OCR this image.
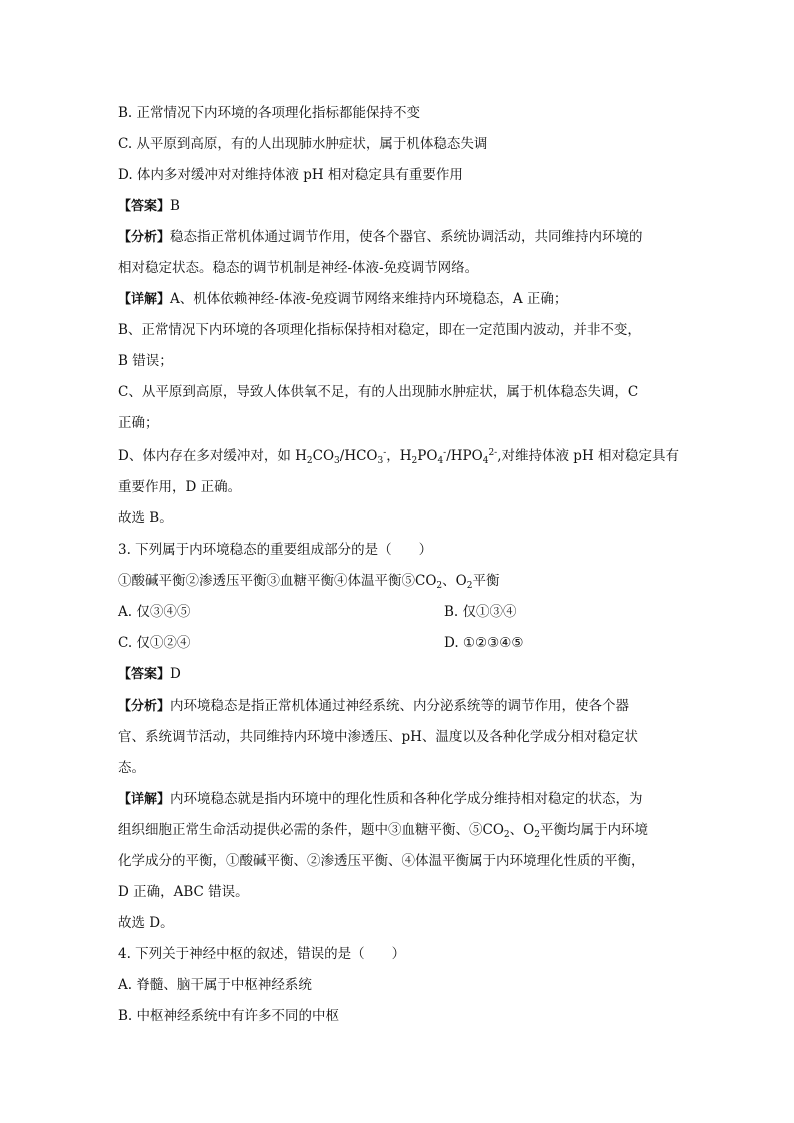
B. 正常情况下内环境的各项理化指标都能保持不变
C. 从平原到高原，有的人出现肺水肿症状，属于机体稳态失调
D. 体内多对缓冲对对维持体液 pH 相对稳定具有重要作用
【答案】B
【分析】稳态指正常机体通过调节作用，使各个器官、系统协调活动，共同维持内环境的
相对稳定状态。稳态的调节机制是神经-体液-免疫调节网络。
【详解】A、机体依赖神经-体液-免疫调节网络来维持内环境稳态，A 正确；
B、正常情况下内环境的各项理化指标保持相对稳定，即在一定范围内波动，并非不变，
B 错误；
C、从平原到高原，导致人体供氧不足，有的人出现肺水肿症状，属于机体稳态失调，C
正确；
D、体内存在多对缓冲对，如 $H_2CO_3/HCO_3^-$，$H_2PO_4^-/HPO_4^{2-}$,对维持体液 pH 相对稳定具有
重要作用，D 正确。
故选 B。
3. 下列属于内环境稳态的重要组成部分的是（　　）
①酸碱平衡②渗透压平衡③血糖平衡④体温平衡$⑤CO_2$、$O_2$平衡
A. 仅③④⑤	B. 仅①③④
C. 仅①②④	D. ①②③④⑤
【答案】D
【分析】内环境稳态是指正常机体通过神经系统、内分泌系统等的调节作用，使各个器
官、系统调节活动，共同维持内环境中渗透压、pH、温度以及各种化学成分相对稳定状
态。
【详解】内环境稳态就是指内环境中的理化性质和各种化学成分维持相对稳定的状态，为
组织细胞正常生命活动提供必需的条件，题中③血糖平衡、$⑤CO_2$、$O_2$平衡均属于内环境
化学成分的平衡，①酸碱平衡、②渗透压平衡、④体温平衡属于内环境理化性质的平衡，
D 正确，ABC 错误。
故选 D。
4. 下列关于神经中枢的叙述，错误的是（　　）
A. 脊髓、脑干属于中枢神经系统
B. 中枢神经系统中有许多不同的中枢
